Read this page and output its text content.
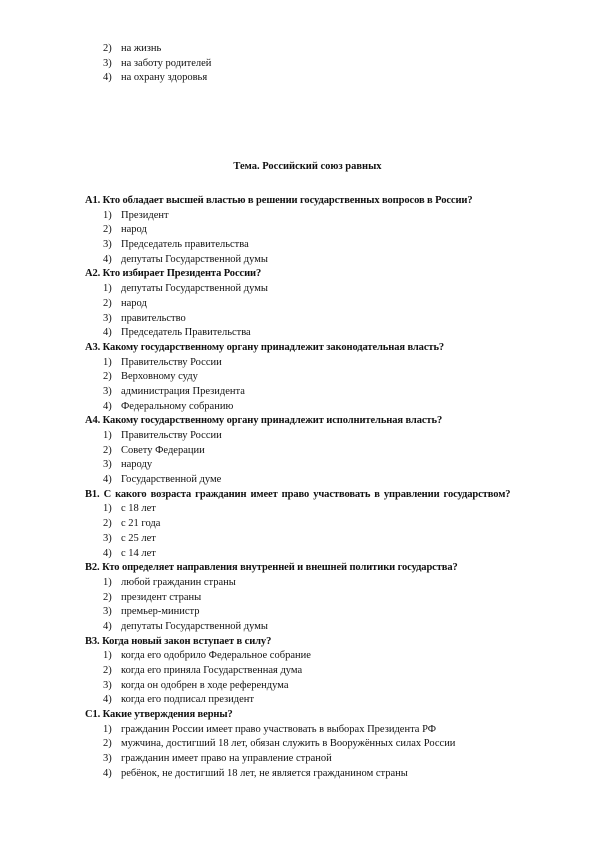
2) на жизнь
3) на заботу родителей
4) на охрану здоровья
Тема. Российский союз равных
А1. Кто обладает высшей властью в решении государственных вопросов в России?
1) Президент
2) народ
3) Председатель правительства
4) депутаты Государственной думы
А2. Кто избирает Президента России?
1) депутаты Государственной думы
2) народ
3) правительство
4) Председатель Правительства
А3. Какому государственному органу принадлежит законодательная власть?
1) Правительству России
2) Верховному суду
3) администрация Президента
4) Федеральному собранию
А4. Какому государственному органу принадлежит исполнительная власть?
1) Правительству России
2) Совету Федерации
3) народу
4) Государственной думе
В1. С какого возраста гражданин имеет право участвовать в управлении государством?
1) с 18 лет
2) с 21 года
3) с 25 лет
4) с 14 лет
В2. Кто определяет направления внутренней и внешней политики государства?
1) любой гражданин страны
2) президент страны
3) премьер-министр
4) депутаты Государственной думы
В3. Когда новый закон вступает в силу?
1) когда его одобрило Федеральное собрание
2) когда его приняла Государственная дума
3) когда он одобрен в ходе референдума
4) когда его подписал президент
С1. Какие утверждения верны?
1) гражданин России имеет право участвовать в выборах Президента РФ
2) мужчина, достигший 18 лет, обязан служить в Вооружённых силах России
3) гражданин имеет право на управление страной
4) ребёнок, не достигший 18 лет, не является гражданином страны
